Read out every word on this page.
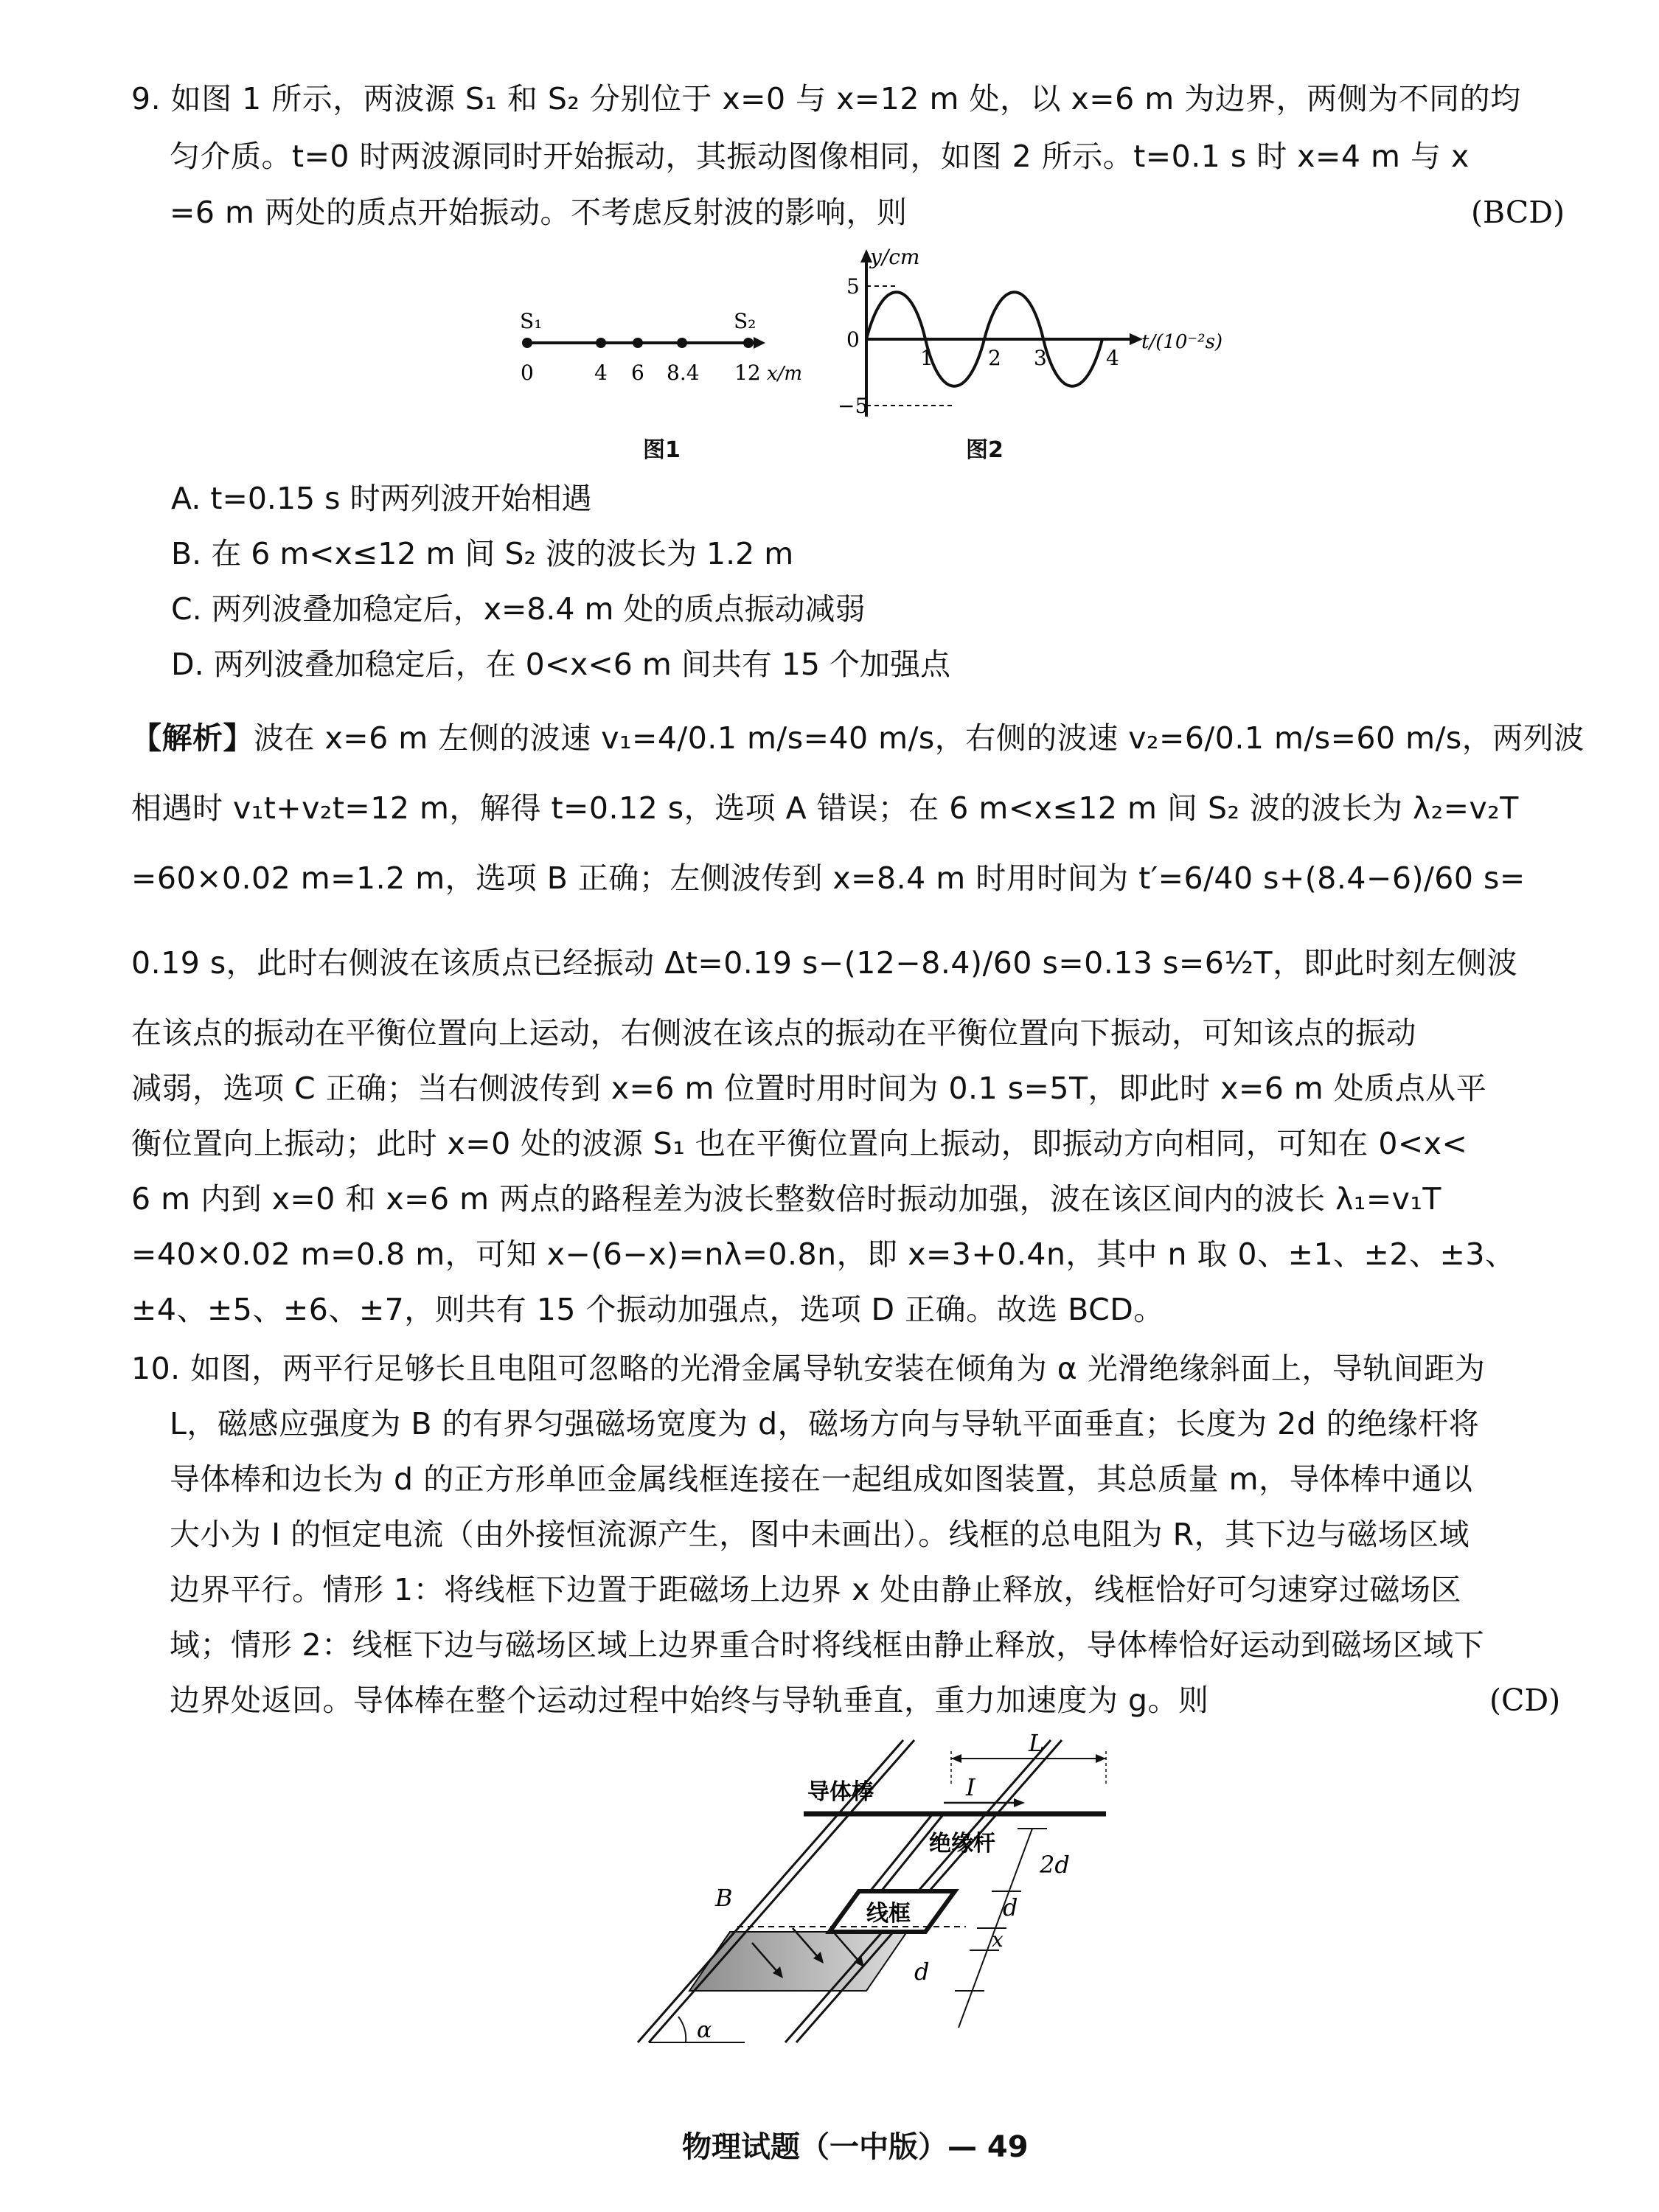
9. 如图 1 所示，两波源 S₁ 和 S₂ 分别位于 x=0 与 x=12 m 处，以 x=6 m 为边界，两侧为不同的均
匀介质。t=0 时两波源同时开始振动，其振动图像相同，如图 2 所示。t=0.1 s 时 x=4 m 与 x
=6 m 两处的质点开始振动。不考虑反射波的影响，则	(BCD)
S₁	S₂
0	4 6 8.4 12 x/m
图1
y/cm
5
0
−5
1	2 3	4
t/(10⁻²s)
图2
A. t=0.15 s 时两列波开始相遇
B. 在 6 m<x≤12 m 间 S₂ 波的波长为 1.2 m
C. 两列波叠加稳定后，x=8.4 m 处的质点振动减弱
D. 两列波叠加稳定后，在 0<x<6 m 间共有 15 个加强点
【解析】波在 x=6 m 左侧的波速 v₁=4/0.1 m/s=40 m/s，右侧的波速 v₂=6/0.1 m/s=60 m/s，两列波
相遇时 v₁t+v₂t=12 m，解得 t=0.12 s，选项 A 错误；在 6 m<x≤12 m 间 S₂ 波的波长为 λ₂=v₂T
=60×0.02 m=1.2 m，选项 B 正确；左侧波传到 x=8.4 m 时用时间为 t′=6/40 s+(8.4−6)/60 s=
0.19 s，此时右侧波在该质点已经振动 Δt=0.19 s−(12−8.4)/60 s=0.13 s=6½T，即此时刻左侧波
在该点的振动在平衡位置向上运动，右侧波在该点的振动在平衡位置向下振动，可知该点的振动
减弱，选项 C 正确；当右侧波传到 x=6 m 位置时用时间为 0.1 s=5T，即此时 x=6 m 处质点从平
衡位置向上振动；此时 x=0 处的波源 S₁ 也在平衡位置向上振动，即振动方向相同，可知在 0<x<
6 m 内到 x=0 和 x=6 m 两点的路程差为波长整数倍时振动加强，波在该区间内的波长 λ₁=v₁T
=40×0.02 m=0.8 m，可知 x−(6−x)=nλ=0.8n，即 x=3+0.4n，其中 n 取 0、±1、±2、±3、
±4、±5、±6、±7，则共有 15 个振动加强点，选项 D 正确。故选 BCD。
10. 如图，两平行足够长且电阻可忽略的光滑金属导轨安装在倾角为 α 光滑绝缘斜面上，导轨间距为
L，磁感应强度为 B 的有界匀强磁场宽度为 d，磁场方向与导轨平面垂直；长度为 2d 的绝缘杆将
导体棒和边长为 d 的正方形单匝金属线框连接在一起组成如图装置，其总质量 m，导体棒中通以
大小为 I 的恒定电流（由外接恒流源产生，图中未画出）。线框的总电阻为 R，其下边与磁场区域
边界平行。情形 1：将线框下边置于距磁场上边界 x 处由静止释放，线框恰好可匀速穿过磁场区
域；情形 2：线框下边与磁场区域上边界重合时将线框由静止释放，导体棒恰好运动到磁场区域下
边界处返回。导体棒在整个运动过程中始终与导轨垂直，重力加速度为 g。则	(CD)
导体棒
绝缘杆
线框
L
I
2d
d
x
d
B
α
物理试题（一中版）— 49
